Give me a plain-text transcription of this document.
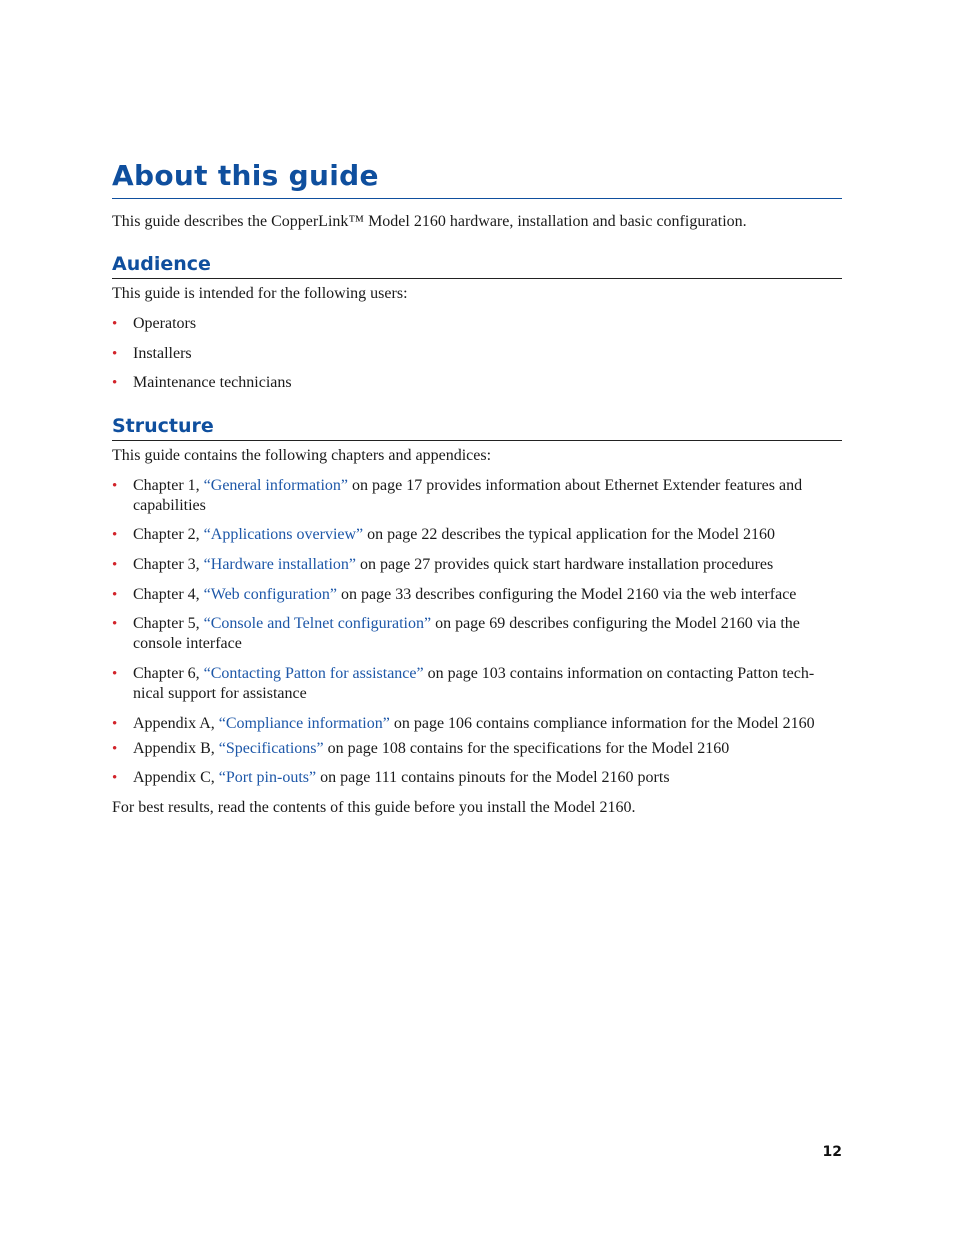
About this guide

This guide describes the CopperLink™ Model 2160 hardware, installation and basic configuration.

Audience

This guide is intended for the following users:

• Operators
• Installers
• Maintenance technicians
Structure

This guide contains the following chapters and appendices:

• Chapter 1, “General information” on page 17 provides information about Ethernet Extender features and capabilities
• Chapter 2, “Applications overview” on page 22 describes the typical application for the Model 2160
• Chapter 3, “Hardware installation” on page 27 provides quick start hardware installation procedures
• Chapter 4, “Web configuration” on page 33 describes configuring the Model 2160 via the web interface
• Chapter 5, “Console and Telnet configuration” on page 69 describes configuring the Model 2160 via the console interface
• Chapter 6, “Contacting Patton for assistance” on page 103 contains information on contacting Patton tech-nical support for assistance
• Appendix A, “Compliance information” on page 106 contains compliance information for the Model 2160
• Appendix B, “Specifications” on page 108 contains for the specifications for the Model 2160
• Appendix C, “Port pin-outs” on page 111 contains pinouts for the Model 2160 ports

For best results, read the contents of this guide before you install the Model 2160.

12
